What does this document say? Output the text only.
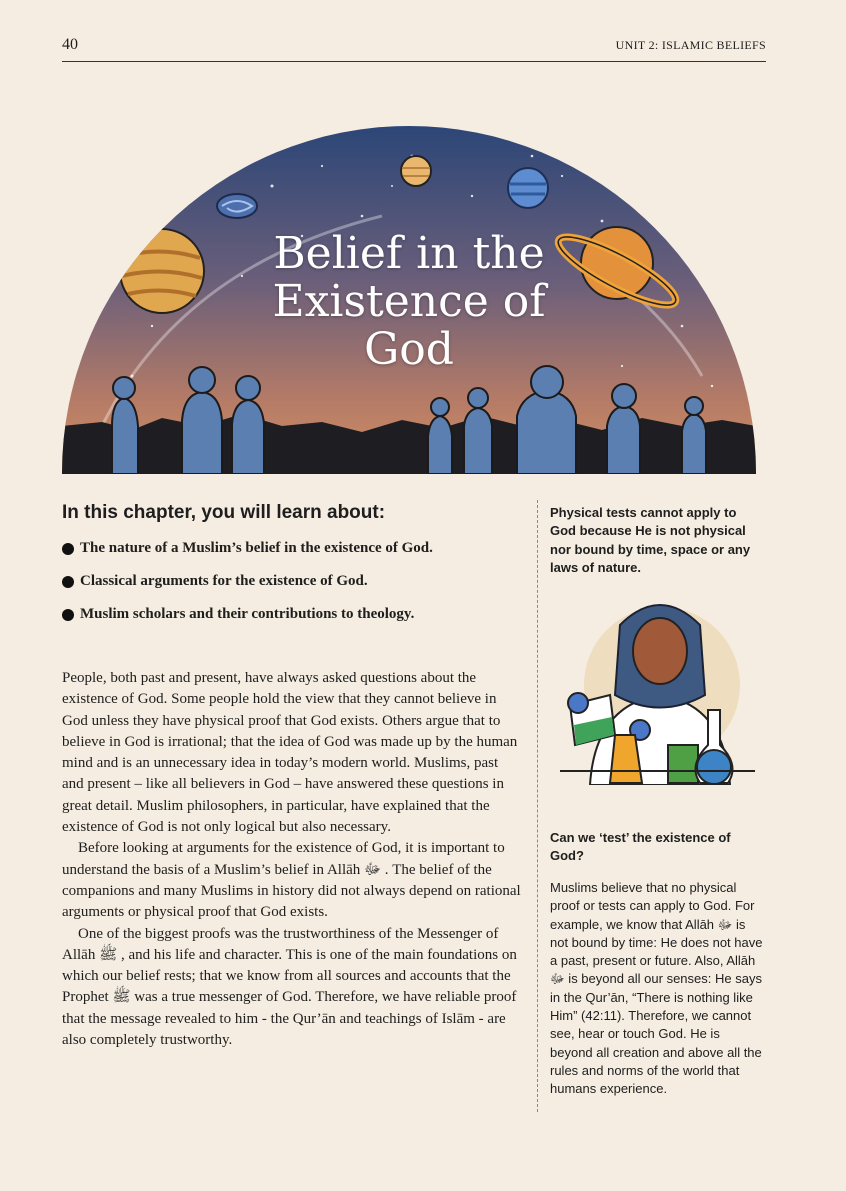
40	UNIT 2: ISLAMIC BELIEFS
Belief in the
Existence of
God
In this chapter, you will learn about:
The nature of a Muslim’s belief in the existence of God.
Classical arguments for the existence of God.
Muslim scholars and their contributions to theology.

People, both past and present, have always asked questions about the existence of God. Some people hold the view that they cannot believe in God unless they have physical proof that God exists. Others argue that to believe in God is irrational; that the idea of God was made up by the human mind and is an unnecessary idea in today’s modern world. Muslims, past and present – like all believers in God – have answered these questions in great detail. Muslim philosophers, in particular, have explained that the existence of God is not only logical but also necessary.

Before looking at arguments for the existence of God, it is important to understand the basis of a Muslim’s belief in Allāh ﷻ . The belief of the companions and many Muslims in history did not always depend on rational arguments or physical proof that God exists.

One of the biggest proofs was the trustworthiness of the Messenger of Allāh ﷺ , and his life and character. This is one of the main foundations on which our belief rests; that we know from all sources and accounts that the Prophet ﷺ was a true messenger of God. Therefore, we have reliable proof that the message revealed to him - the Qur’ān and teachings of Islām - are also completely trustworthy.

Physical tests cannot apply to God because He is not physical nor bound by time, space or any laws of nature.
Can we ‘test’ the existence of God?
Muslims believe that no physical proof or tests can apply to God. For example, we know that Allāh ﷻ is not bound by time: He does not have a past, present or future. Also, Allāh ﷻ is beyond all our senses: He says in the Qur’ān, “There is nothing like Him” (42:11). Therefore, we cannot see, hear or touch God. He is beyond all creation and above all the rules and norms of the world that humans experience.
